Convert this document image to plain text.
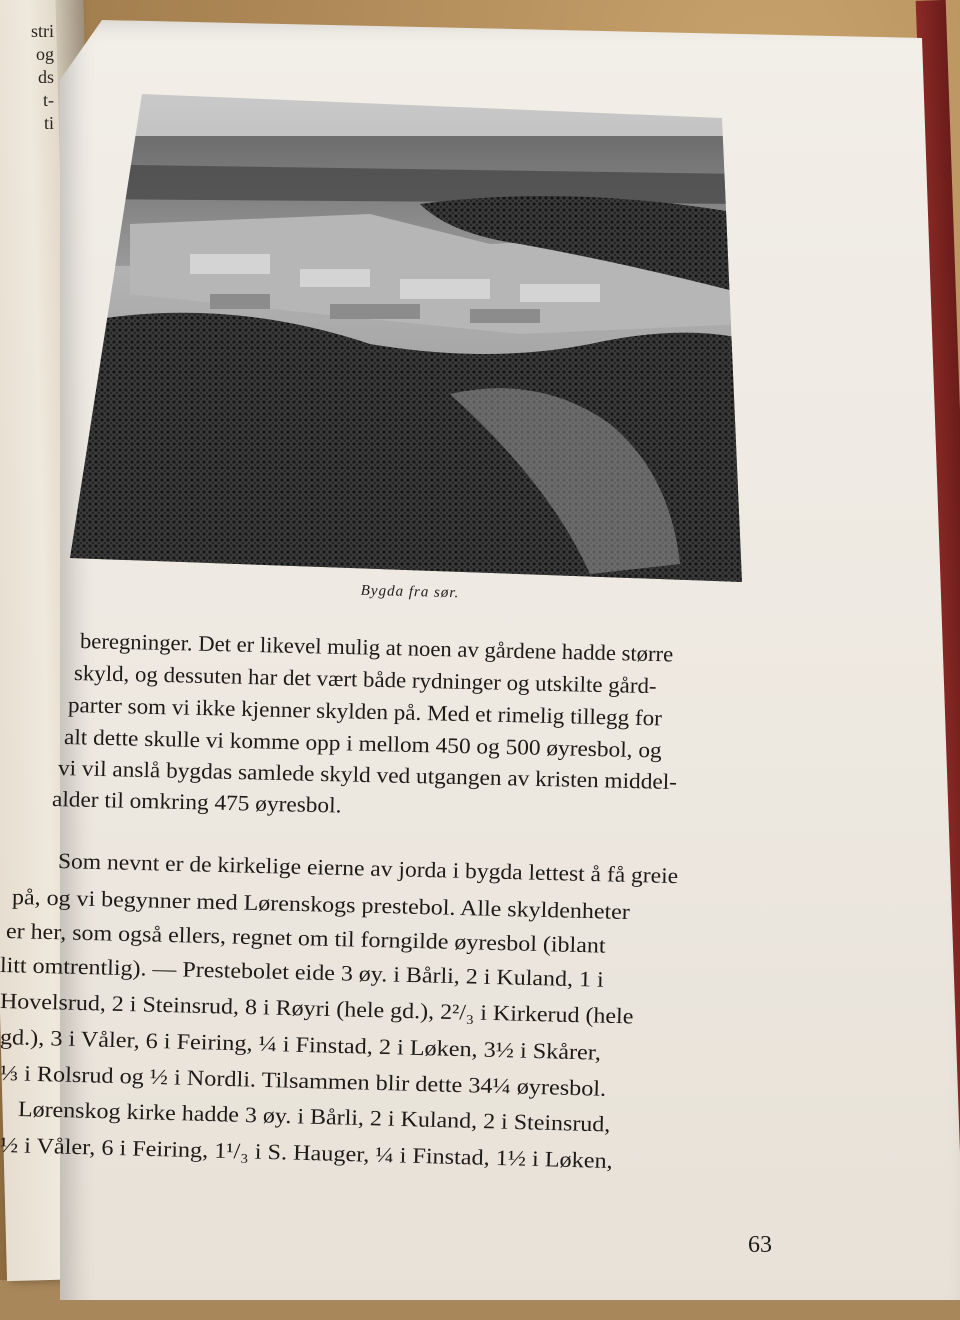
stri
og
ds
t-
ti
Bygda fra sør.
beregninger. Det er likevel mulig at noen av gårdene hadde større
skyld, og dessuten har det vært både rydninger og utskilte gård-
parter som vi ikke kjenner skylden på. Med et rimelig tillegg for
alt dette skulle vi komme opp i mellom 450 og 500 øyresbol, og
vi vil anslå bygdas samlede skyld ved utgangen av kristen middel-
alder til omkring 475 øyresbol.
Som nevnt er de kirkelige eierne av jorda i bygda lettest å få greie
på, og vi begynner med Lørenskogs prestebol. Alle skyldenheter
er her, som også ellers, regnet om til forngilde øyresbol (iblant
litt omtrentlig). — Prestebolet eide 3 øy. i Bårli, 2 i Kuland, 1 i
Hovelsrud, 2 i Steinsrud, 8 i Røyri (hele gd.), 2²/₃ i Kirkerud (hele
gd.), 3 i Våler, 6 i Feiring, ¼ i Finstad, 2 i Løken, 3½ i Skårer,
⅓ i Rolsrud og ½ i Nordli. Tilsammen blir dette 34¼ øyresbol.
Lørenskog kirke hadde 3 øy. i Bårli, 2 i Kuland, 2 i Steinsrud,
½ i Våler, 6 i Feiring, 1¹/₃ i S. Hauger, ¼ i Finstad, 1½ i Løken,
63
